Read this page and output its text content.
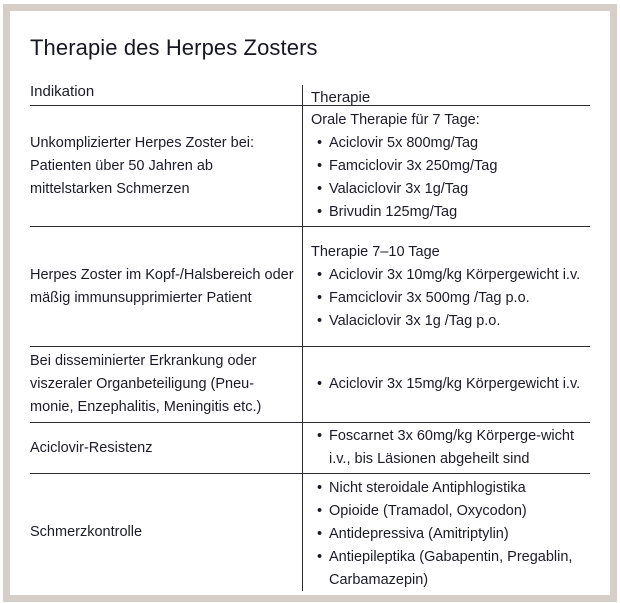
Therapie des Herpes Zosters
Indikation	Therapie
Unkomplizierter Herpes Zoster bei: Patienten über 50 Jahren ab mittelstarken Schmerzen
Orale Therapie für 7 Tage:
• Aciclovir 5x 800mg/Tag
• Famciclovir 3x 250mg/Tag
• Valaciclovir 3x 1g/Tag
• Brivudin 125mg/Tag
Herpes Zoster im Kopf-/Halsbereich oder mäßig immunsupprimierter Patient
Therapie 7–10 Tage
• Aciclovir 3x 10mg/kg Körpergewicht i.v.
• Famciclovir 3x 500mg /Tag p.o.
• Valaciclovir 3x 1g /Tag p.o.
Bei disseminierter Erkrankung oder viszeraler Organbeteiligung (Pneu-monie, Enzephalitis, Meningitis etc.)
• Aciclovir 3x 15mg/kg Körpergewicht i.v.
Aciclovir-Resistenz
• Foscarnet 3x 60mg/kg Körperge-wicht i.v., bis Läsionen abgeheilt sind
Schmerzkontrolle
• Nicht steroidale Antiphlogistika
• Opioide (Tramadol, Oxycodon)
• Antidepressiva (Amitriptylin)
• Antiepileptika (Gabapentin, Pregablin, Carbamazepin)
